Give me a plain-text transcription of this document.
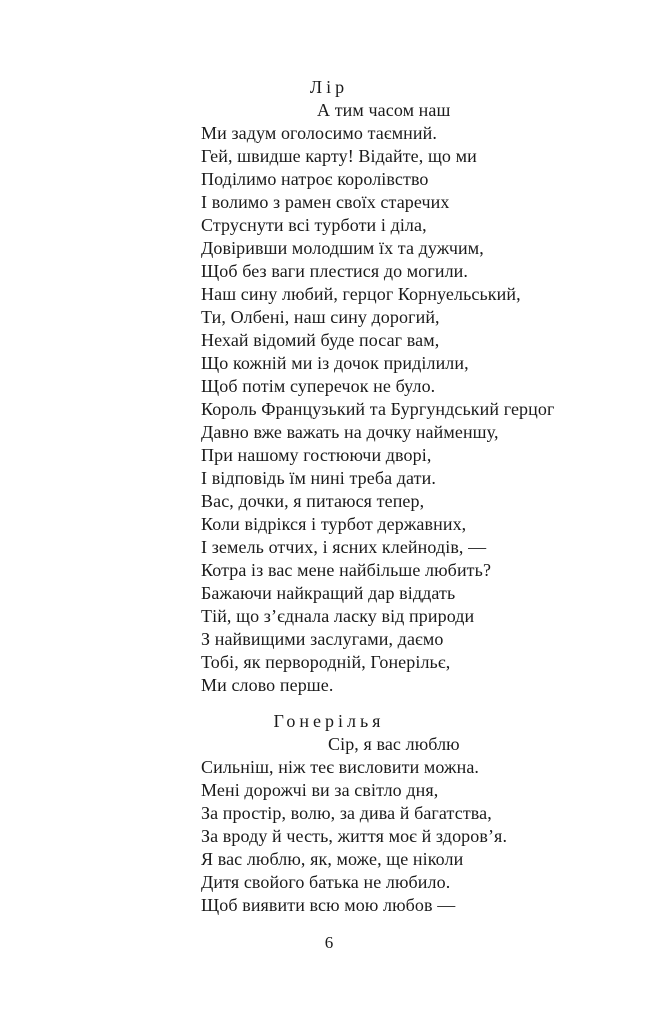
Лір
А тим часом наш
Ми задум оголосимо таємний.
Гей, швидше карту! Відайте, що ми
Поділимо натроє королівство
І волимо з рамен своїх старечих
Струснути всі турботи і діла,
Довіривши молодшим їх та дужчим,
Щоб без ваги плестися до могили.
Наш сину любий, герцог Корнуельський,
Ти, Олбені, наш сину дорогий,
Нехай відомий буде посаг вам,
Що кожній ми із дочок приділили,
Щоб потім суперечок не було.
Король Французький та Бургундський герцог
Давно вже важать на дочку найменшу,
При нашому гостюючи дворі,
І відповідь їм нині треба дати.
Вас, дочки, я питаюся тепер,
Коли відрікся і турбот державних,
І земель отчих, і ясних клейнодів, —
Котра із вас мене найбільше любить?
Бажаючи найкращий дар віддать
Тій, що з’єднала ласку від природи
З найвищими заслугами, даємо
Тобі, як первородній, Гонерільє,
Ми слово перше.
Гонерілья
Сір, я вас люблю
Сильніш, ніж теє висловити можна.
Мені дорожчі ви за світло дня,
За простір, волю, за дива й багатства,
За вроду й честь, життя моє й здоров’я.
Я вас люблю, як, може, ще ніколи
Дитя свойого батька не любило.
Щоб виявити всю мою любов —
6
